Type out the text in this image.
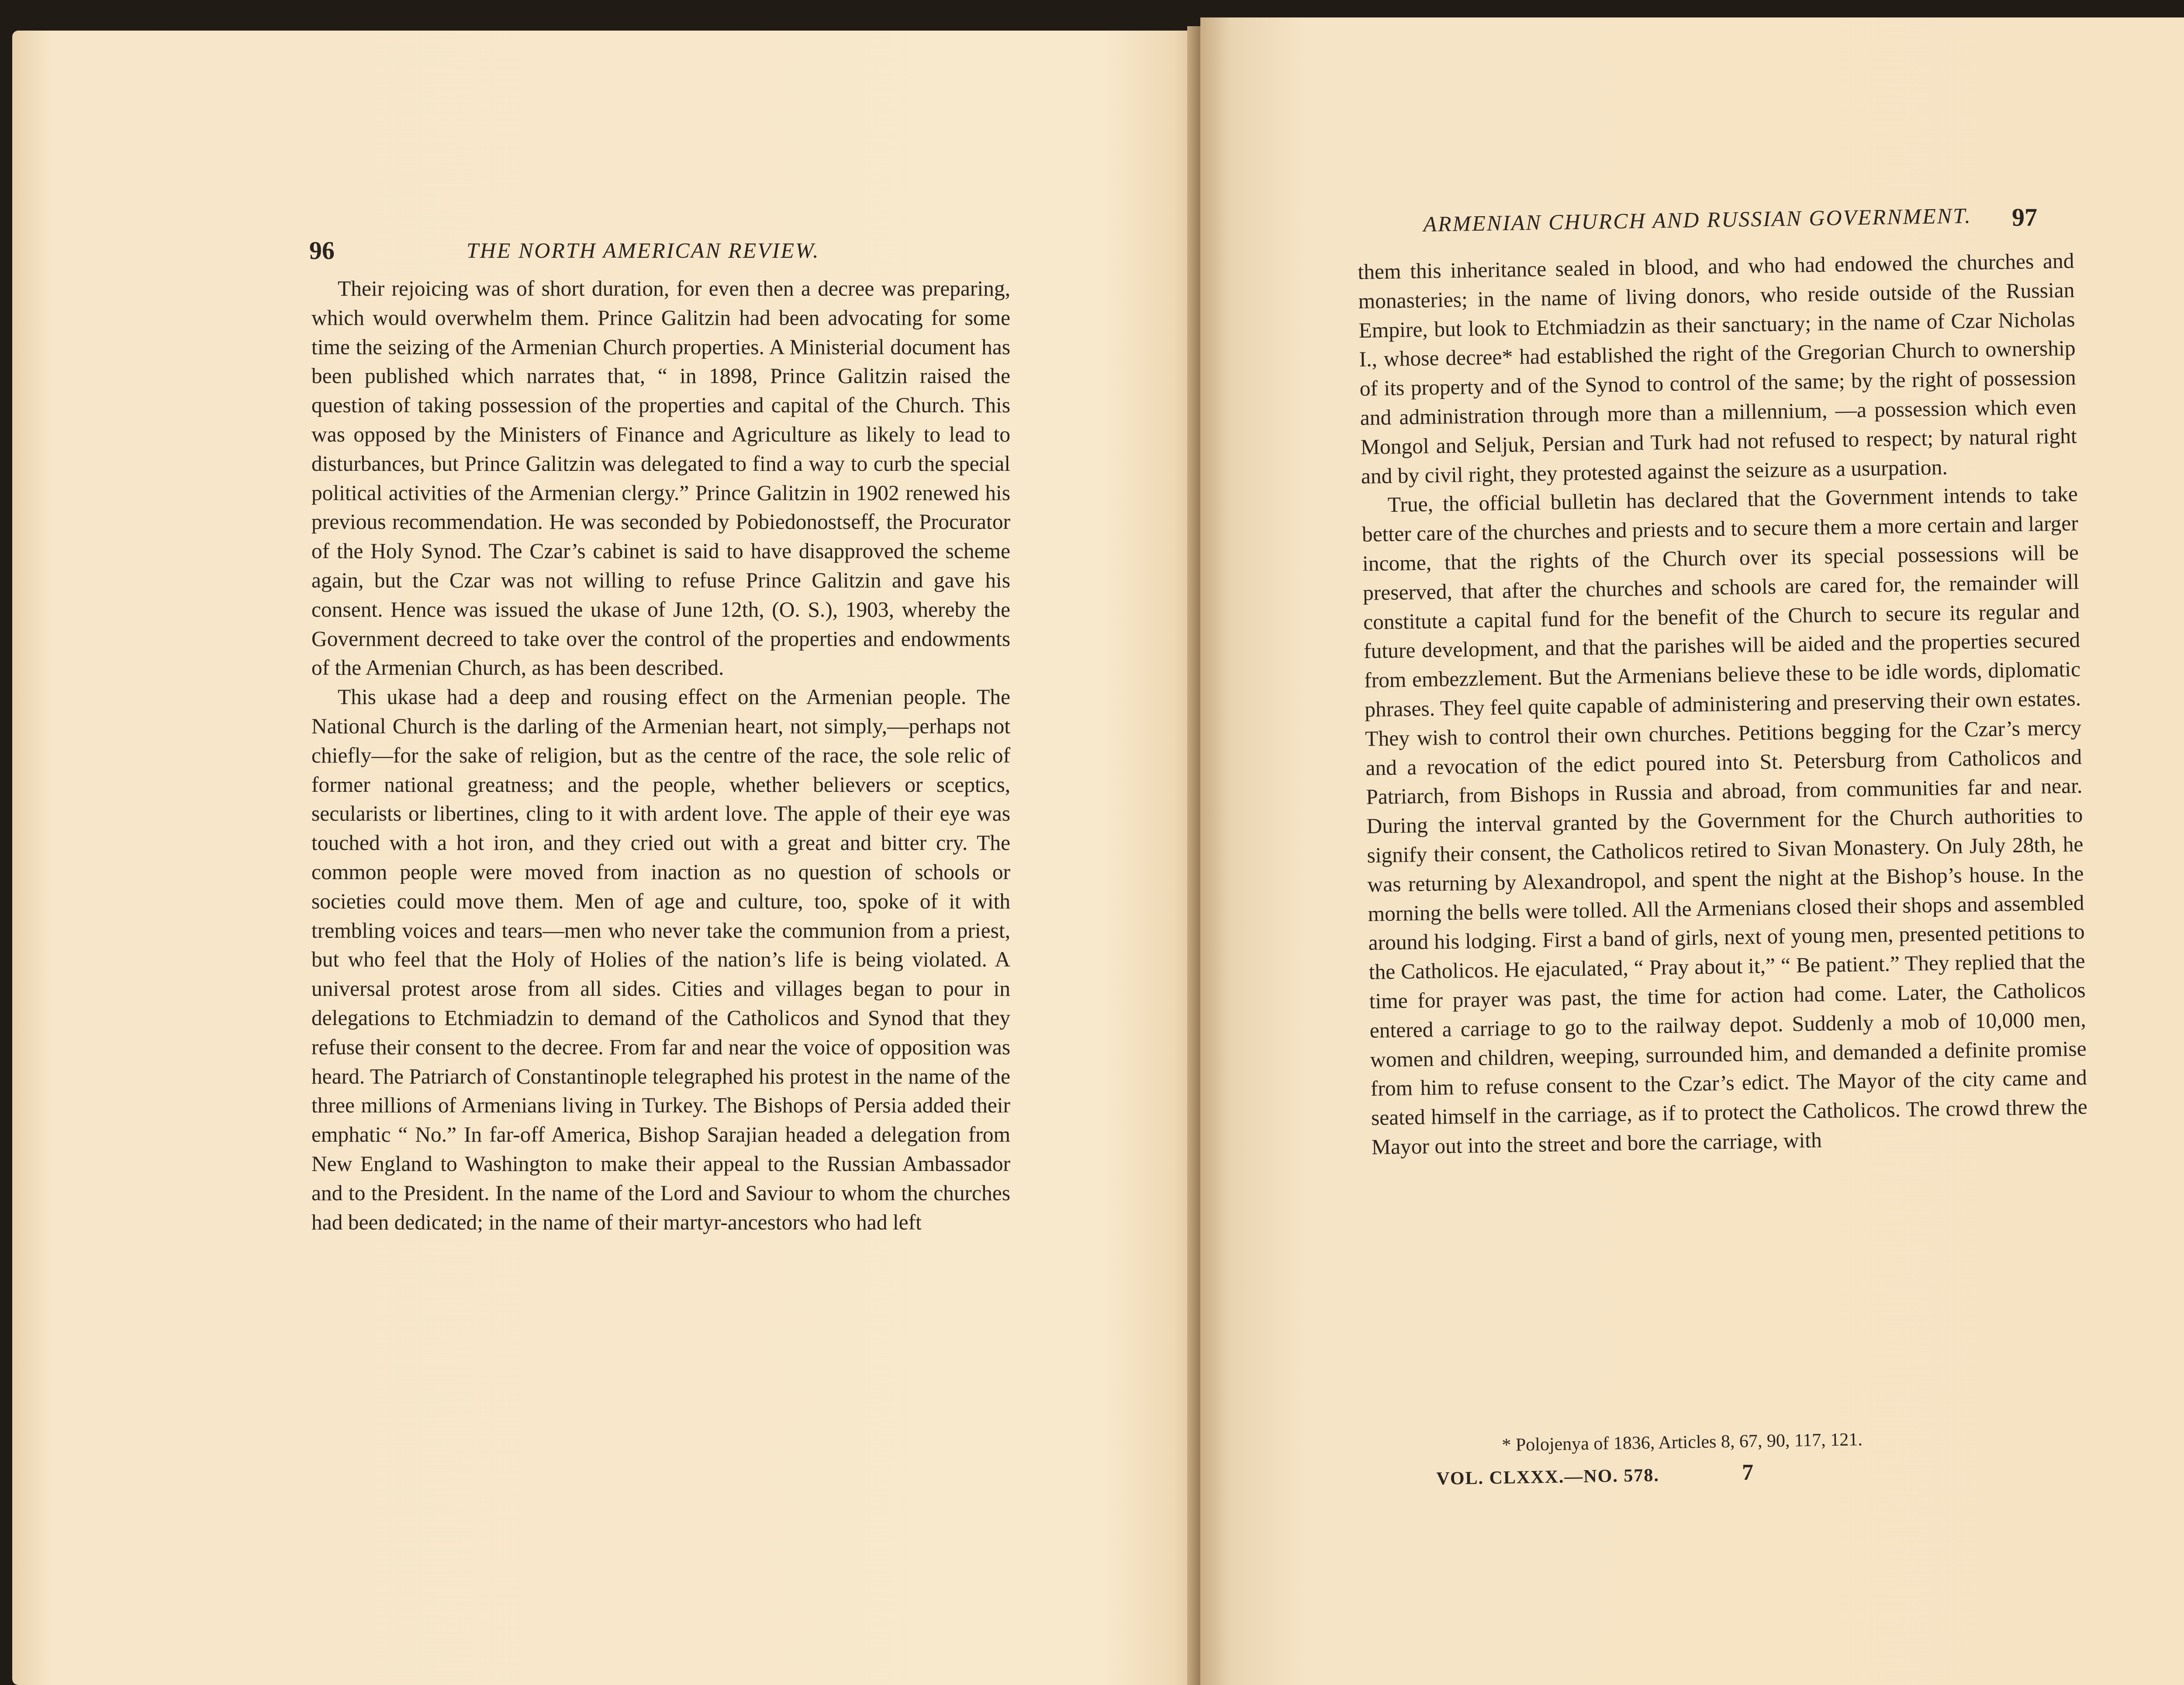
96	THE NORTH AMERICAN REVIEW.

Their rejoicing was of short duration, for even then a decree was preparing, which would overwhelm them. Prince Galitzin had been advocating for some time the seizing of the Armenian Church properties. A Ministerial document has been published which narrates that, “ in 1898, Prince Galitzin raised the question of taking possession of the properties and capital of the Church. This was opposed by the Ministers of Finance and Agriculture as likely to lead to disturbances, but Prince Galitzin was delegated to find a way to curb the special political activities of the Armenian clergy.” Prince Galitzin in 1902 renewed his previous recommendation. He was seconded by Pobiedonostseff, the Procurator of the Holy Synod. The Czar’s cabinet is said to have disapproved the scheme again, but the Czar was not willing to refuse Prince Galitzin and gave his consent. Hence was issued the ukase of June 12th, (O. S.), 1903, whereby the Government decreed to take over the control of the properties and endowments of the Armenian Church, as has been described.

This ukase had a deep and rousing effect on the Armenian people. The National Church is the darling of the Armenian heart, not simply,—perhaps not chiefly—for the sake of religion, but as the centre of the race, the sole relic of former national greatness; and the people, whether believers or sceptics, secularists or libertines, cling to it with ardent love. The apple of their eye was touched with a hot iron, and they cried out with a great and bitter cry. The common people were moved from inaction as no question of schools or societies could move them. Men of age and culture, too, spoke of it with trembling voices and tears—men who never take the communion from a priest, but who feel that the Holy of Holies of the nation’s life is being violated. A universal protest arose from all sides. Cities and villages began to pour in delegations to Etchmiadzin to demand of the Catholicos and Synod that they refuse their consent to the decree. From far and near the voice of opposition was heard. The Patriarch of Constantinople telegraphed his protest in the name of the three millions of Armenians living in Turkey. The Bishops of Persia added their emphatic “ No.” In far-off America, Bishop Sarajian headed a delegation from New England to Washington to make their appeal to the Russian Ambassador and to the President. In the name of the Lord and Saviour to whom the churches had been dedicated; in the name of their martyr-ancestors who had left

ARMENIAN CHURCH AND RUSSIAN GOVERNMENT. 97

them this inheritance sealed in blood, and who had endowed the churches and monasteries; in the name of living donors, who reside outside of the Russian Empire, but look to Etchmiadzin as their sanctuary; in the name of Czar Nicholas I., whose decree* had established the right of the Gregorian Church to ownership of its property and of the Synod to control of the same; by the right of possession and administration through more than a millennium, —a possession which even Mongol and Seljuk, Persian and Turk had not refused to respect; by natural right and by civil right, they protested against the seizure as a usurpation.

True, the official bulletin has declared that the Government intends to take better care of the churches and priests and to secure them a more certain and larger income, that the rights of the Church over its special possessions will be preserved, that after the churches and schools are cared for, the remainder will constitute a capital fund for the benefit of the Church to secure its regular and future development, and that the parishes will be aided and the properties secured from embezzlement. But the Armenians believe these to be idle words, diplomatic phrases. They feel quite capable of administering and preserving their own estates. They wish to control their own churches. Petitions begging for the Czar’s mercy and a revocation of the edict poured into St. Petersburg from Catholicos and Patriarch, from Bishops in Russia and abroad, from communities far and near. During the interval granted by the Government for the Church authorities to signify their consent, the Catholicos retired to Sivan Monastery. On July 28th, he was returning by Alexandropol, and spent the night at the Bishop’s house. In the morning the bells were tolled. All the Armenians closed their shops and assembled around his lodging. First a band of girls, next of young men, presented petitions to the Catholicos. He ejaculated, “ Pray about it,” “ Be patient.” They replied that the time for prayer was past, the time for action had come. Later, the Catholicos entered a carriage to go to the railway depot. Suddenly a mob of 10,000 men, women and children, weeping, surrounded him, and demanded a definite promise from him to refuse consent to the Czar’s edict. The Mayor of the city came and seated himself in the carriage, as if to protect the Catholicos. The crowd threw the Mayor out into the street and bore the carriage, with

* Polojenya of 1836, Articles 8, 67, 90, 117, 121.
VOL. CLXXX.—NO. 578.	7
